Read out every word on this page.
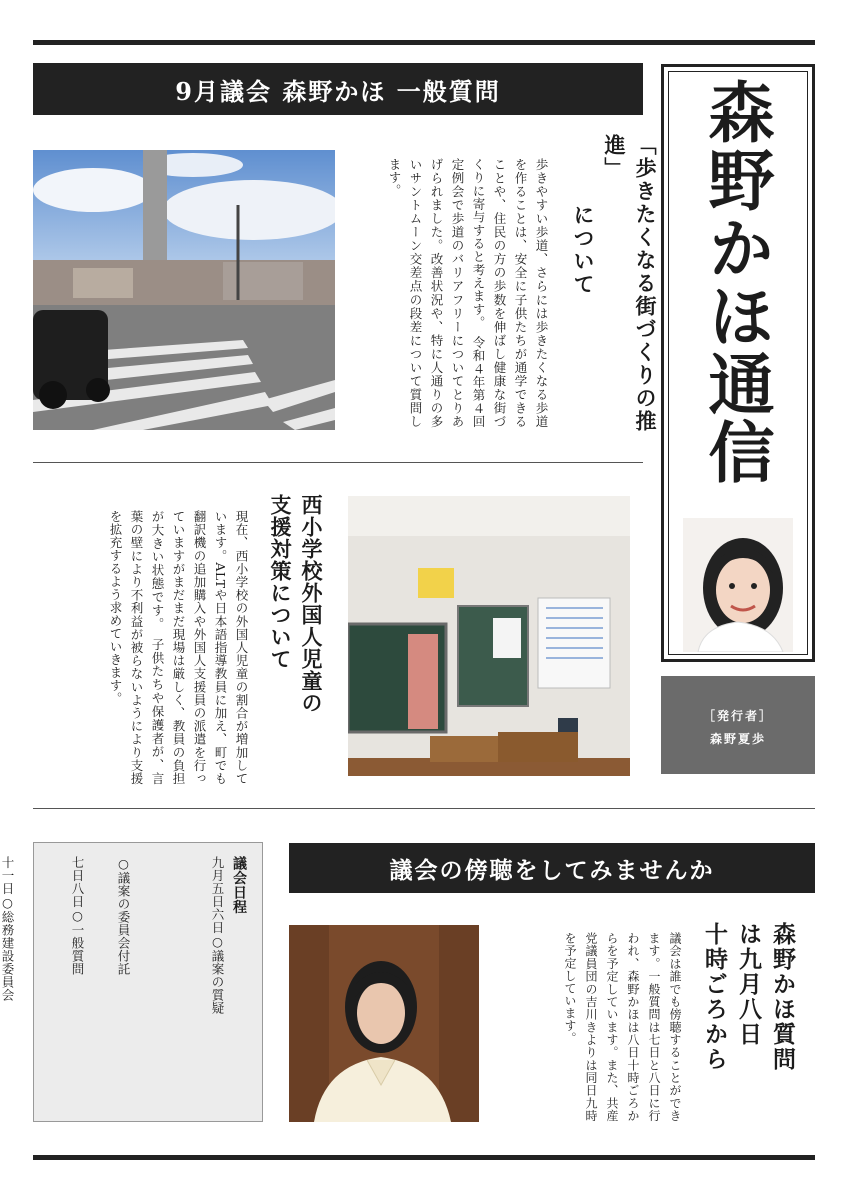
9月議会 森野かほ 一般質問
「歩きたくなる街づくりの推進」
について
歩きやすい歩道、さらには歩きたくなる歩道を作ることは、安全に子供たちが通学できることや、住民の方の歩数を伸ばし健康な街づくりに寄与すると考えます。　令和４年第４回定例会で歩道のバリアフリーについてとりあげられました。改善状況や、特に人通りの多いサントムーン交差点の段差について質問します。	森野かほ通信
［発行者］
森野夏歩
西小学校外国人児童の
支援対策について
現在、西小学校の外国人児童の割合が増加しています。ALTや日本語指導教員に加え、町でも翻訳機の追加購入や外国人支援員の派遣を行っていますがまだまだ現場は厳しく、教員の負担が大きい状態です。　子供たちや保護者が、言葉の壁により不利益が被らないようにより支援を拡充するよう求めていきます。
議会日程
九月五日六日○議案の質疑
○議案の委員会付託
七日八日○一般質問
十一日○総務建設委員会
議会の傍聴をしてみませんか
森野かほ質問
は九月八日
十時ごろから
議会は誰でも傍聴することができます。一般質問は七日と八日に行われ、森野かほは八日十時ごろからを予定しています。また、共産党議員団の吉川きよりは同日九時を予定しています。
